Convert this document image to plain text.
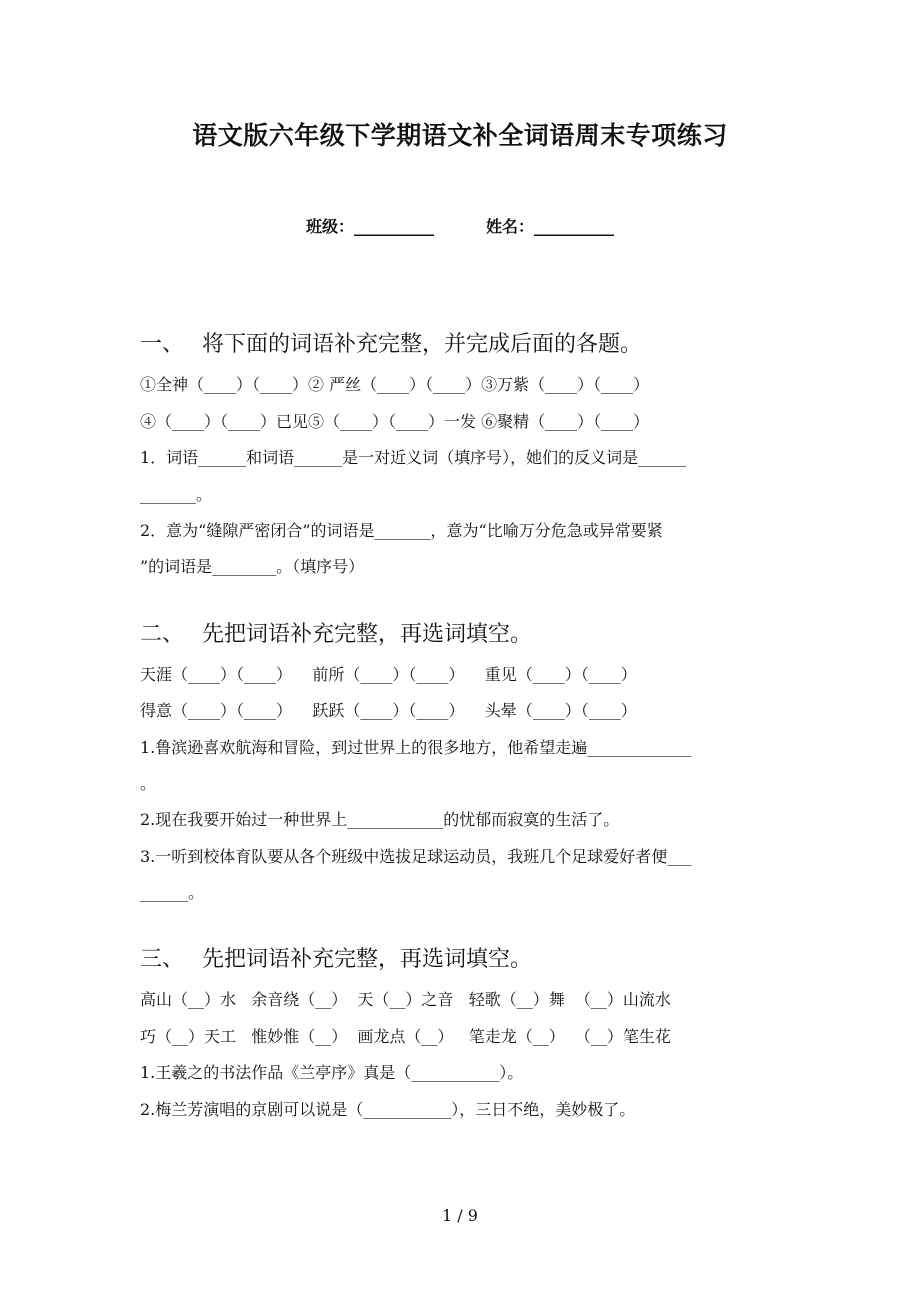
语文版六年级下学期语文补全词语周末专项练习
班级：__________	姓名：__________
一、 将下面的词语补充完整，并完成后面的各题。
①全神（____）（____）② 严丝（____）（____）③万紫（____）（____）
④（____）（____）已见⑤（____）（____）一发 ⑥聚精（____）（____）
1．词语______和词语______是一对近义词（填序号），她们的反义词是______
_______。
2．意为“缝隙严密闭合”的词语是_______，意为“比喻万分危急或异常要紧
”的词语是________。（填序号）
二、 先把词语补充完整，再选词填空。
天涯（____）（____）    前所（____）（____）    重见（____）（____）
得意（____）（____）    跃跃（____）（____）    头晕（____）（____）
1.鲁滨逊喜欢航海和冒险，到过世界上的很多地方，他希望走遍_____________
。
2.现在我要开始过一种世界上____________的忧郁而寂寞的生活了。
3.一听到校体育队要从各个班级中选拔足球运动员，我班几个足球爱好者便___
______。
三、 先把词语补充完整，再选词填空。
高山（__）水   余音绕（__）  天（__）之音   轻歌（__）舞  （__）山流水
巧（__）天工   惟妙惟（__）  画龙点（__）   笔走龙（__）  （__）笔生花
1.王羲之的书法作品《兰亭序》真是（___________）。
2.梅兰芳演唱的京剧可以说是（___________），三日不绝，美妙极了。
1 / 9
